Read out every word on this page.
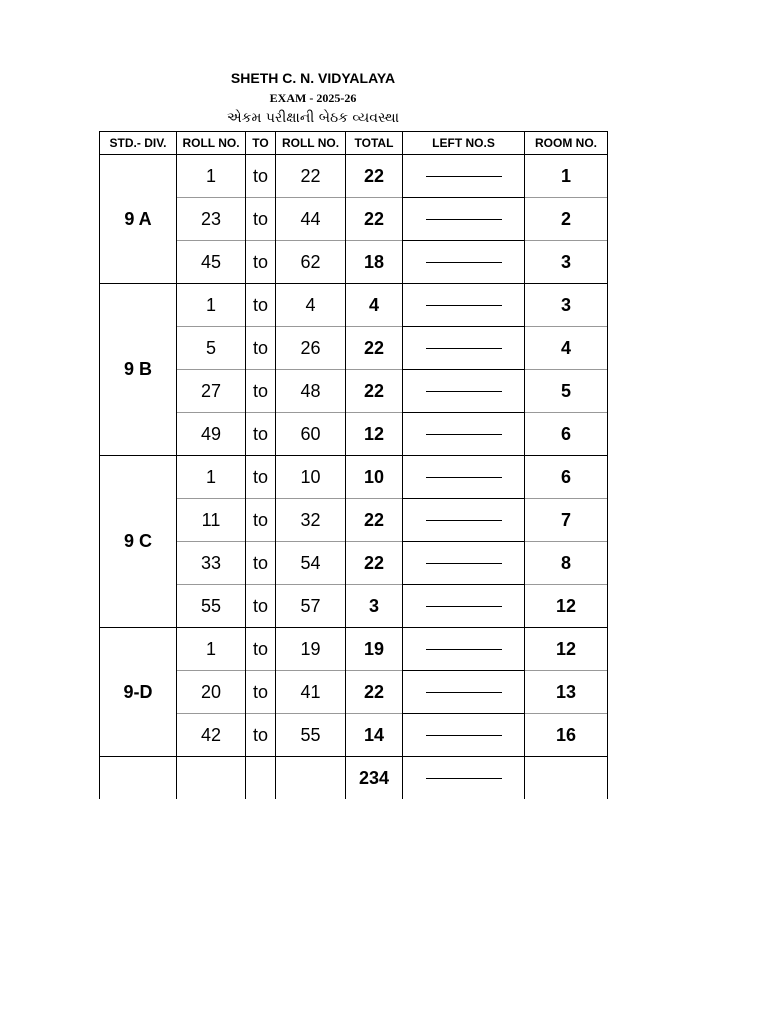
SHETH C. N. VIDYALAYA
EXAM - 2025-26
એકમ પરીક્ષાની બેઠક વ્યવસ્થા
STD.- DIV.	ROLL NO.	TO	ROLL NO.	TOTAL	LEFT NO.S	ROOM NO.
9 A	1	to	22	22		1
	23	to	44	22		2
	45	to	62	18		3
9 B	1	to	4	4		3
	5	to	26	22		4
	27	to	48	22		5
	49	to	60	12		6
9 C	1	to	10	10		6
	11	to	32	22		7
	33	to	54	22		8
	55	to	57	3		12
9-D	1	to	19	19		12
	20	to	41	22		13
	42	to	55	14		16
				234		
